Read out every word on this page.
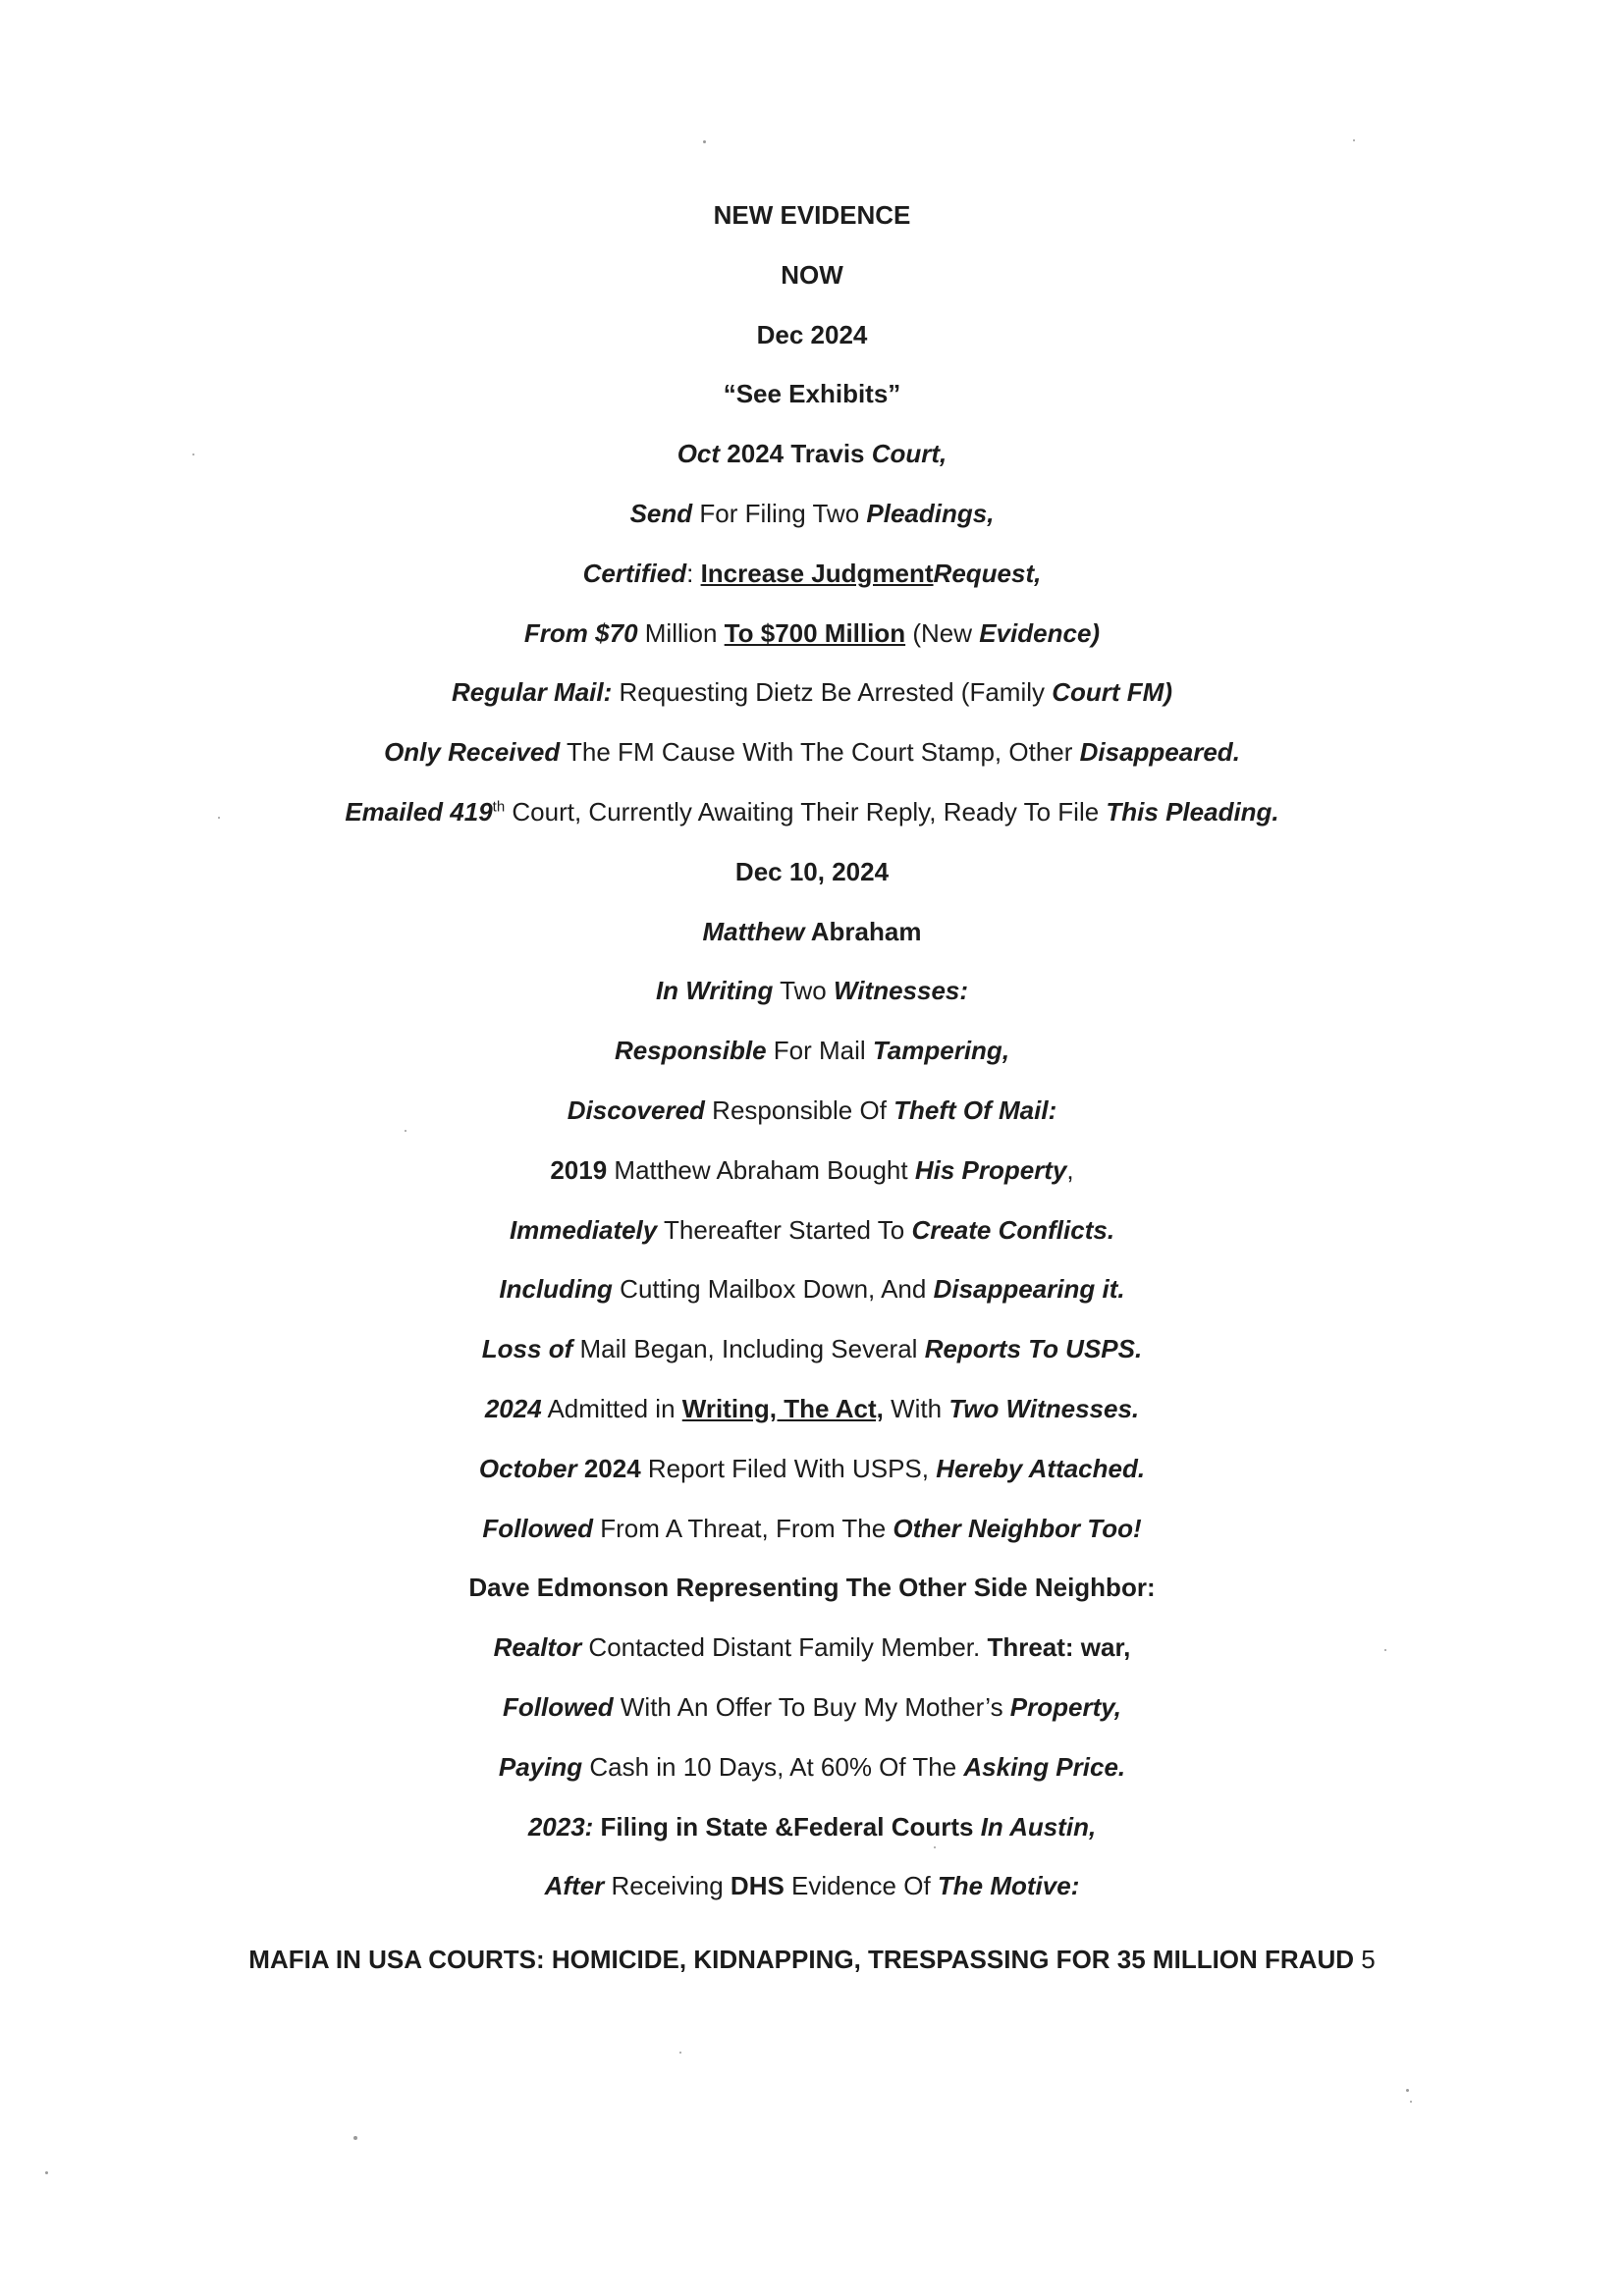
NEW EVIDENCE
NOW
Dec 2024
“See Exhibits”
Oct 2024 Travis Court,
Send For Filing Two Pleadings,
Certified: Increase JudgmentRequest,
From $70 Million To $700 Million (New Evidence)
Regular Mail: Requesting Dietz Be Arrested (Family Court FM)
Only Received The FM Cause With The Court Stamp, Other Disappeared.
Emailed 419th Court, Currently Awaiting Their Reply, Ready To File This Pleading.
Dec 10, 2024
Matthew Abraham
In Writing Two Witnesses:
Responsible For Mail Tampering,
Discovered Responsible Of Theft Of Mail:
2019 Matthew Abraham Bought His Property,
Immediately Thereafter Started To Create Conflicts.
Including Cutting Mailbox Down, And Disappearing it.
Loss of Mail Began, Including Several Reports To USPS.
2024 Admitted in Writing, The Act, With Two Witnesses.
October 2024 Report Filed With USPS, Hereby Attached.
Followed From A Threat, From The Other Neighbor Too!
Dave Edmonson Representing The Other Side Neighbor:
Realtor Contacted Distant Family Member. Threat: war,
Followed With An Offer To Buy My Mother’s Property,
Paying Cash in 10 Days, At 60% Of The Asking Price.
2023: Filing in State &Federal Courts In Austin,
After Receiving DHS Evidence Of The Motive:
MAFIA IN USA COURTS: HOMICIDE, KIDNAPPING, TRESPASSING FOR 35 MILLION FRAUD 5
